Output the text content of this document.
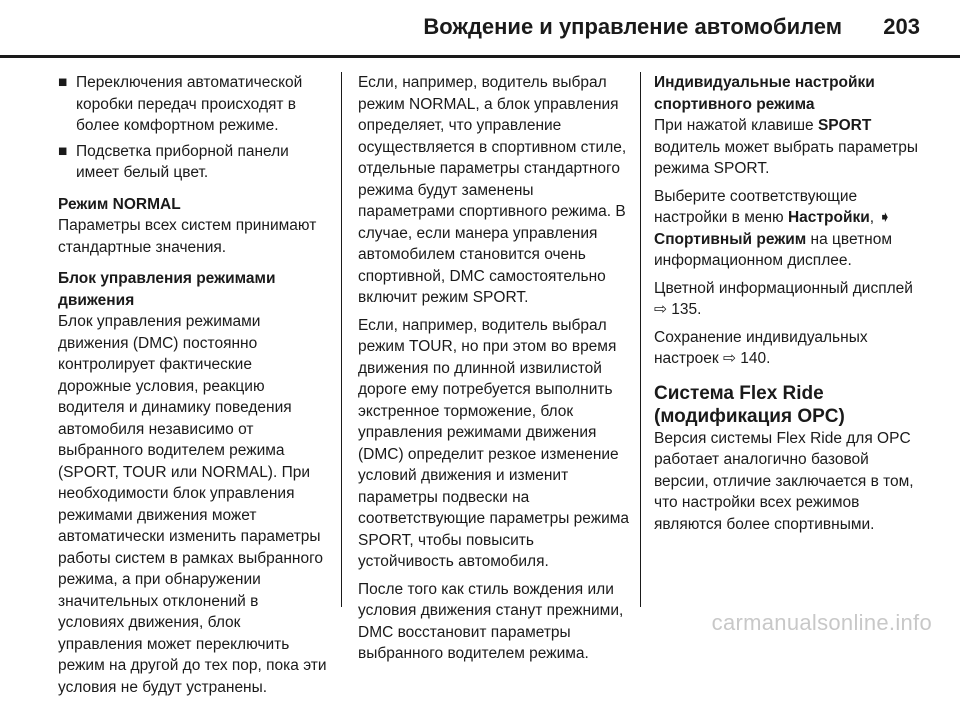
Вождение и управление автомобилем 203
■ Переключения автоматической коробки передач происходят в более комфортном режиме.
■ Подсветка приборной панели имеет белый цвет.

Режим NORMAL

Параметры всех систем принимают стандартные значения.

Блок управления режимами движения

Блок управления режимами движения (DMC) постоянно контролирует фактические дорожные условия, реакцию водителя и динамику поведения автомобиля независимо от выбранного водителем режима (SPORT, TOUR или NORMAL). При необходимости блок управления режимами движения может автоматически изменить параметры работы систем в рамках выбранного режима, а при обнаружении значительных отклонений в условиях движения, блок управления может переключить режим на другой до тех пор, пока эти условия не будут устранены.

Если, например, водитель выбрал режим NORMAL, а блок управления определяет, что управление осуществляется в спортивном стиле, отдельные параметры стандартного режима будут заменены параметрами спортивного режима. В случае, если манера управления автомобилем становится очень спортивной, DMC самостоятельно включит режим SPORT.

Если, например, водитель выбрал режим TOUR, но при этом во время движения по длинной извилистой дороге ему потребуется выполнить экстренное торможение, блок управления режимами движения (DMC) определит резкое изменение условий движения и изменит параметры подвески на соответствующие параметры режима SPORT, чтобы повысить устойчивость автомобиля.

После того как стиль вождения или условия движения станут прежними, DMC восстановит параметры выбранного водителем режима.

Индивидуальные настройки спортивного режима

При нажатой клавише SPORT водитель может выбрать параметры режима SPORT.

Выберите соответствующие настройки в меню Настройки, ➧ Спортивный режим на цветном информационном дисплее.

Цветной информационный дисплей ⇨ 135.

Сохранение индивидуальных настроек ⇨ 140.

Система Flex Ride (модификация OPC)

Версия системы Flex Ride для OPC работает аналогично базовой версии, отличие заключается в том, что настройки всех режимов являются более спортивными.

carmanualsonline.info
